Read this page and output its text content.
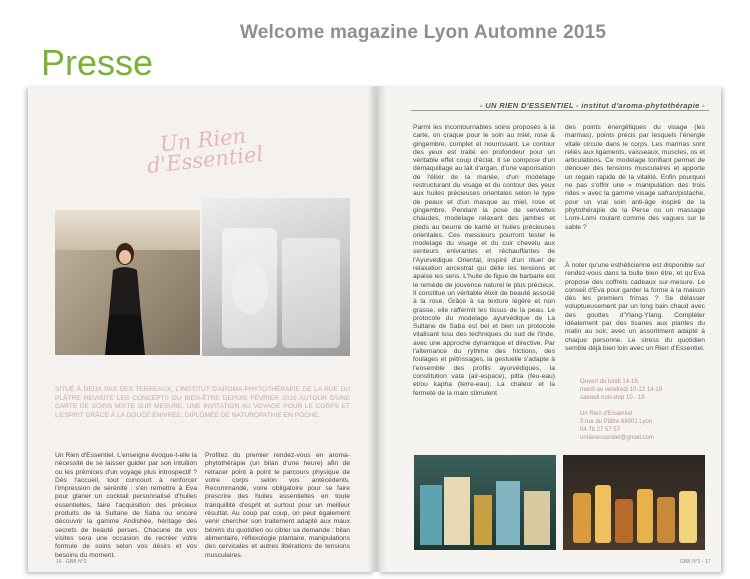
Welcome magazine Lyon Automne 2015
Presse
Un Rien d'Essentiel
SITUÉ À DEUX PAS DES TERREAUX, L'INSTITUT D'AROMA-PHYTOTHÉRAPIE DE LA RUE DU PLÂTRE REVISITE LES CONCEPTS DU BIEN-ÊTRE DEPUIS FÉVRIER 2015 AUTOUR D'UNE CARTE DE SOINS MIXTE SUR MESURE. UNE INVITATION AU VOYAGE POUR LE CORPS ET L'ESPRIT GRÂCE À LA DOUCE ENIVRÉE, DIPLÔMÉE DE NATUROPATHIE EN POCHE.
Un Rien d'Essentiel. L'enseigne évoque-t-elle la nécessité de se laisser guider par son intuition ou les prémices d'un voyage plus introspectif ? Dès l'accueil, tout concourt à renforcer l'impression de sérénité : s'en remettre à Eva pour glaner un cocktail personnalisé d'huiles essentielles, faire l'acquisition des précieux produits de la Sultane de Saba ou encore découvrir la gamme Andishée, héritage des secrets de beauté perses. Chacune de vos visites sera une occasion de recréer votre formule de soins selon vos désirs et vos besoins du moment.
Profitez du premier rendez-vous en aroma-phytothérapie (un bilan d'une heure) afin de retracer point à point le parcours physique de votre corps selon vos antécédents. Recommandé, voire obligatoire pour se faire prescrire des huiles essentielles en toute tranquillité d'esprit et surtout pour un meilleur résultat. Au coup par coup, on peut également venir chercher son traitement adapté aux maux bénins du quotidien ou cibler sa demande : bilan alimentaire, réflexologie plantaire, manipulations des cervicales et autres libérations de tensions musculaires.
- UN RIEN D'ESSENTIEL - institut d'aroma-phytothérapie -
Parmi les incontournables soins proposés à la carte, on craque pour le soin au miel, rose & gingembre, complet et nourrissant. Le contour des yeux est traité en profondeur pour un véritable effet coup d'éclat. Il se compose d'un démaquillage au lait d'argan, d'une vaporisation de l'élixir de la mariée, d'un modelage restructurant du visage et du contour des yeux aux huiles précieuses orientales selon le type de peaux et d'un masque au miel, rose et gingembre. Pendant la pose de serviettes chaudes, modelage relaxant des jambes et pieds au beurre de karité et huiles précieuses orientales. Ces messieurs pourront tester le modelage du visage et du cuir chevelu aux senteurs enivrantes et réchauffantes de l'Ayurvédique Oriental, inspiré d'un rituel de relaxation ancestral qui délie les tensions et apaise les sens. L'huile de figue de barbarie est le remède de jouvence naturel le plus précieux. Il constitue un véritable élixir de beauté associé à la rose. Grâce à sa texture légère et non grasse, elle raffermit les tissus de la peau. Le protocole du modelage ayurvédique de La Sultane de Saba est bel et bien un protocole vitalisant issu des techniques du sud de l'Inde, avec une approche dynamique et directive. Par l'alternance du rythme des frictions, des foulages et pétrissages, la gestuelle s'adapte à l'ensemble des profils ayurvédiques, la constitution vata (air-espace), pitta (feu-eau) et/ou kapha (terre-eau). La chaleur et la fermeté de la main stimulent
des points énergétiques du visage (les marmas), points précis par lesquels l'énergie vitale circule dans le corps. Les marmas sont reliés aux ligaments, vaisseaux, muscles, os et articulations. Ce modelage tonifiant permet de dénouer des tensions musculaires et apporte un regain rapide de la vitalité. Enfin pourquoi ne pas s'offrir une « manipulation des trois rides » avec la gamme visage safran/pistache, pour un vrai soin anti-âge inspiré de la phytothérapie de la Perse ou un massage Lomi-Lomi roulant comme des vagues sur le sable ?
À noter qu'une esthéticienne est disponible sur rendez-vous dans la bulle bien être, et qu'Eva propose des coffrets cadeaux sur-mesure. Le conseil d'Eva pour garder la forme à la maison dès les premiers frimas ? Se délasser voluptueusement par un long bain chaud avec des gouttes d'Ylang-Ylang. Compléter idéalement par des tisanes aux plantes du matin au soir, avec un assortiment adapté à chaque personne. Le stress du quotidien semble déjà bien loin avec un Rien d'Essentiel.
Ouvert du lundi 14-19,
mardi au vendredi 10-12 14-19
samedi non-stop 10 - 19
Un Rien d'Essentiel
3 rue du Plâtre 69001 Lyon
04 78 27 57 57
unrienessentiel@gmail.com
16 - GBB N°3	GBB N°3 - 17
